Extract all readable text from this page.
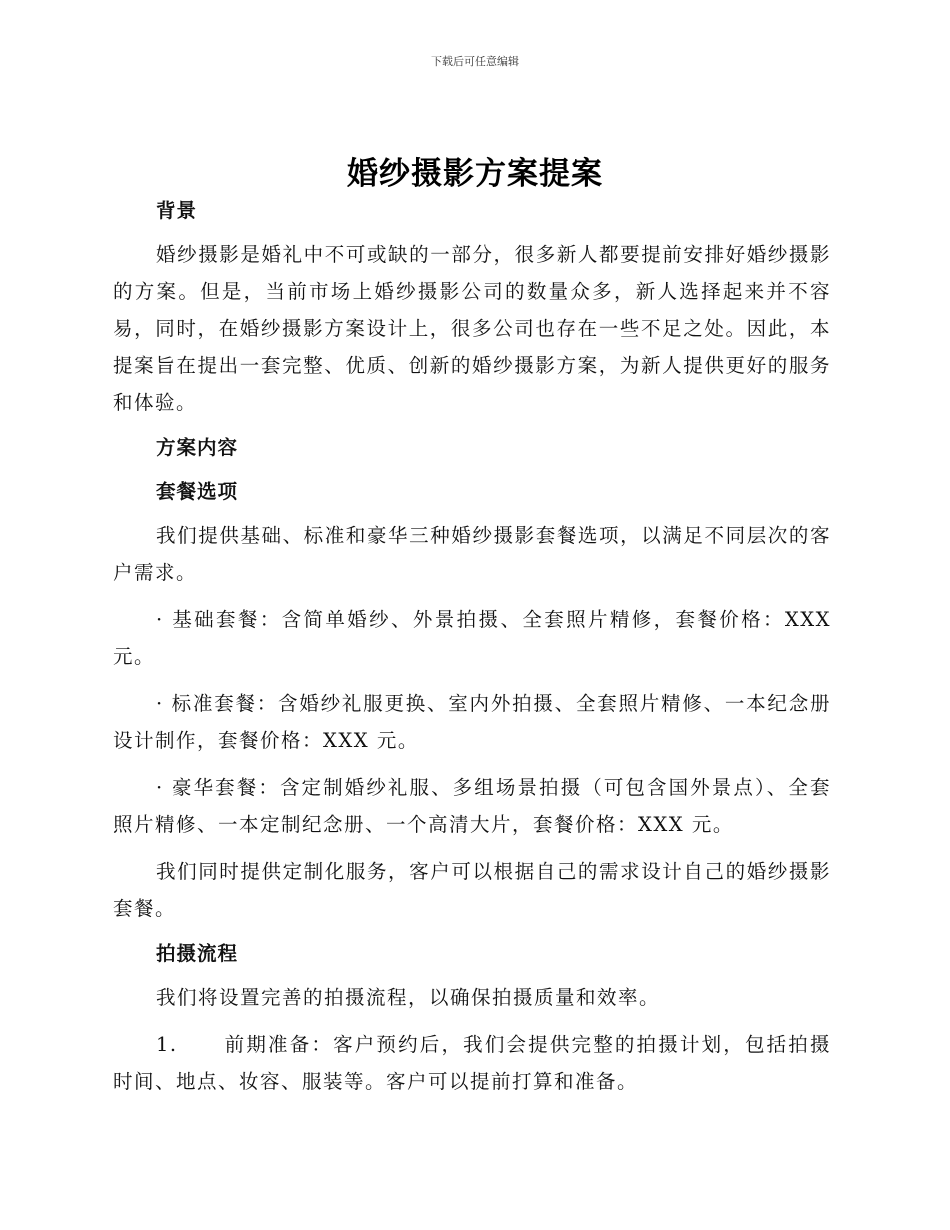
下载后可任意编辑
婚纱摄影方案提案
背景
婚纱摄影是婚礼中不可或缺的一部分，很多新人都要提前安排好婚纱摄影的方案。但是，当前市场上婚纱摄影公司的数量众多，新人选择起来并不容易，同时，在婚纱摄影方案设计上，很多公司也存在一些不足之处。因此，本提案旨在提出一套完整、优质、创新的婚纱摄影方案，为新人提供更好的服务和体验。
方案内容
套餐选项
我们提供基础、标准和豪华三种婚纱摄影套餐选项，以满足不同层次的客户需求。
· 基础套餐：含简单婚纱、外景拍摄、全套照片精修，套餐价格：XXX 元。
· 标准套餐：含婚纱礼服更换、室内外拍摄、全套照片精修、一本纪念册设计制作，套餐价格：XXX 元。
· 豪华套餐：含定制婚纱礼服、多组场景拍摄（可包含国外景点）、全套照片精修、一本定制纪念册、一个高清大片，套餐价格：XXX 元。
我们同时提供定制化服务，客户可以根据自己的需求设计自己的婚纱摄影套餐。
拍摄流程
我们将设置完善的拍摄流程，以确保拍摄质量和效率。
1. 前期准备：客户预约后，我们会提供完整的拍摄计划，包括拍摄时间、地点、妆容、服装等。客户可以提前打算和准备。
